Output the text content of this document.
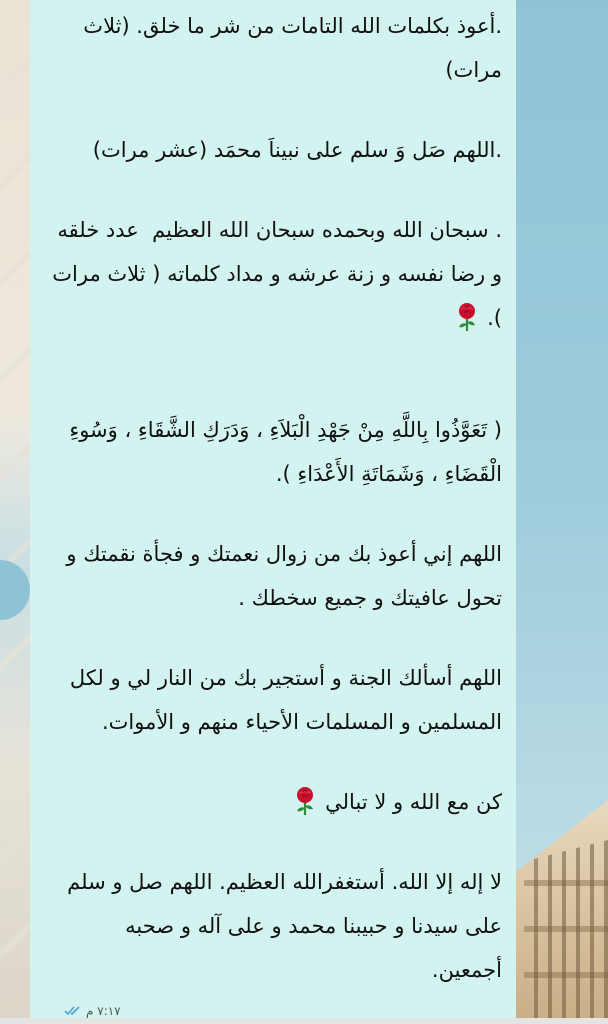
.أعوذ بكلمات الله التامات من شر ما خلق. (ثلاث مرات)
.اللهم صَل وَ سلم على نبيناَ محمَد (عشر مرات)
. سبحان الله وبحمده سبحان الله العظيم  عدد خلقه و رضا نفسه و زنة عرشه و مداد كلماته ( ثلاث مرات ).
( تَعَوَّذُوا بِاللَّهِ مِنْ جَهْدِ الْبَلاَءِ ، وَدَرَكِ الشَّقَاءِ ، وَسُوءِ الْقَضَاءِ ، وَشَمَاتَةِ الأَعْدَاءِ ).
اللهم إني أعوذ بك من زوال نعمتك و فجأة نقمتك و تحول عافيتك و جميع سخطك .
اللهم أسألك الجنة و أستجير بك من النار لي و لكل المسلمين و المسلمات الأحياء منهم و الأموات.
كن مع الله و لا تبالي
لا إله إلا الله. أستغفرالله العظيم. اللهم صل و سلم على سيدنا و حبيبنا محمد و على آله و صحبه أجمعين.
٧:١٧ م
